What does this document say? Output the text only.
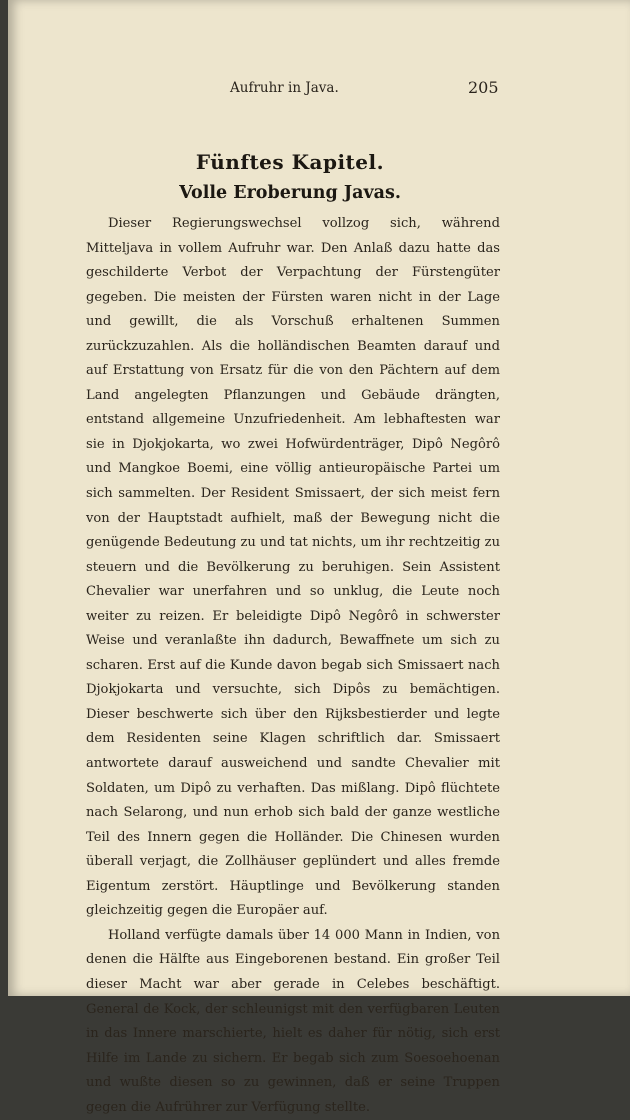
Aufruhr in Java.	205
Fünftes Kapitel.
Volle Eroberung Javas.

Dieser Regierungswechsel vollzog sich, während Mitteljava in vollem Aufruhr war. Den Anlaß dazu hatte das geschilderte Verbot der Verpachtung der Fürstengüter gegeben. Die meisten der Fürsten waren nicht in der Lage und gewillt, die als Vorschuß erhaltenen Summen zurückzuzahlen. Als die holländischen Beamten darauf und auf Erstattung von Ersatz für die von den Pächtern auf dem Land angelegten Pflanzungen und Gebäude drängten, entstand allgemeine Unzufriedenheit. Am lebhaftesten war sie in Djokjokarta, wo zwei Hofwürdenträger, Dipô Negôrô und Mangkoe Boemi, eine völlig antieuropäische Partei um sich sammelten. Der Resident Smissaert, der sich meist fern von der Hauptstadt aufhielt, maß der Bewegung nicht die genügende Bedeutung zu und tat nichts, um ihr rechtzeitig zu steuern und die Bevölkerung zu beruhigen. Sein Assistent Chevalier war unerfahren und so unklug, die Leute noch weiter zu reizen. Er beleidigte Dipô Negôrô in schwerster Weise und veranlaßte ihn dadurch, Bewaffnete um sich zu scharen. Erst auf die Kunde davon begab sich Smissaert nach Djokjokarta und versuchte, sich Dipôs zu bemächtigen. Dieser beschwerte sich über den Rijksbestierder und legte dem Residenten seine Klagen schriftlich dar. Smissaert antwortete darauf ausweichend und sandte Chevalier mit Soldaten, um Dipô zu verhaften. Das mißlang. Dipô flüchtete nach Selarong, und nun erhob sich bald der ganze westliche Teil des Innern gegen die Holländer. Die Chinesen wurden überall verjagt, die Zollhäuser geplündert und alles fremde Eigentum zerstört. Häuptlinge und Bevölkerung standen gleichzeitig gegen die Europäer auf.

Holland verfügte damals über 14 000 Mann in Indien, von denen die Hälfte aus Eingeborenen bestand. Ein großer Teil dieser Macht war aber gerade in Celebes beschäftigt. General de Kock, der schleunigst mit den verfügbaren Leuten in das Innere marschierte, hielt es daher für nötig, sich erst Hilfe im Lande zu sichern. Er begab sich zum Soesoehoenan und wußte diesen so zu gewinnen, daß er seine Truppen gegen die Aufrührer zur Verfügung stellte.
